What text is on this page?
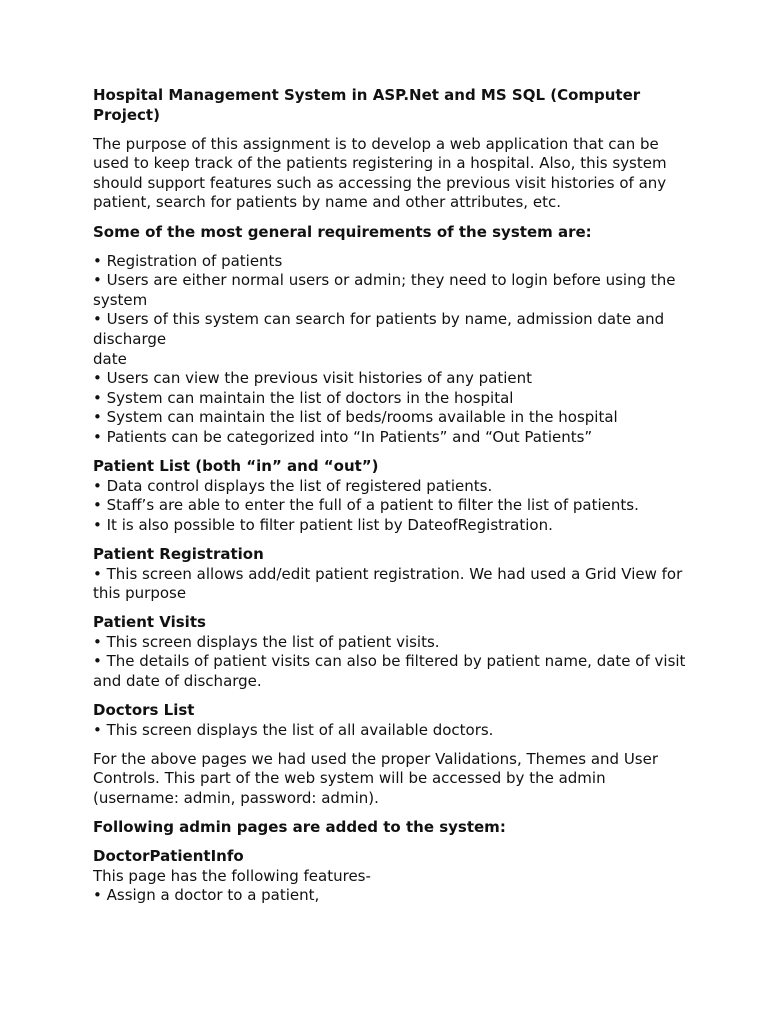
Hospital Management System in ASP.Net and MS SQL (Computer Project)

The purpose of this assignment is to develop a web application that can be used to keep track of the patients registering in a hospital. Also, this system should support features such as accessing the previous visit histories of any patient, search for patients by name and other attributes, etc.

Some of the most general requirements of the system are:

• Registration of patients
• Users are either normal users or admin; they need to login before using the system
• Users of this system can search for patients by name, admission date and discharge
date
• Users can view the previous visit histories of any patient
• System can maintain the list of doctors in the hospital
• System can maintain the list of beds/rooms available in the hospital
• Patients can be categorized into “In Patients” and “Out Patients”

Patient List (both “in” and “out”)

• Data control displays the list of registered patients.
• Staff’s are able to enter the full of a patient to filter the list of patients.
• It is also possible to filter patient list by DateofRegistration.

Patient Registration

• This screen allows add/edit patient registration. We had used a Grid View for this purpose

Patient Visits

• This screen displays the list of patient visits.
• The details of patient visits can also be filtered by patient name, date of visit and date of discharge.

Doctors List

• This screen displays the list of all available doctors.

For the above pages we had used the proper Validations, Themes and User Controls. This part of the web system will be accessed by the admin (username: admin, password: admin).

Following admin pages are added to the system:

DoctorPatientInfo

This page has the following features-
• Assign a doctor to a patient,
